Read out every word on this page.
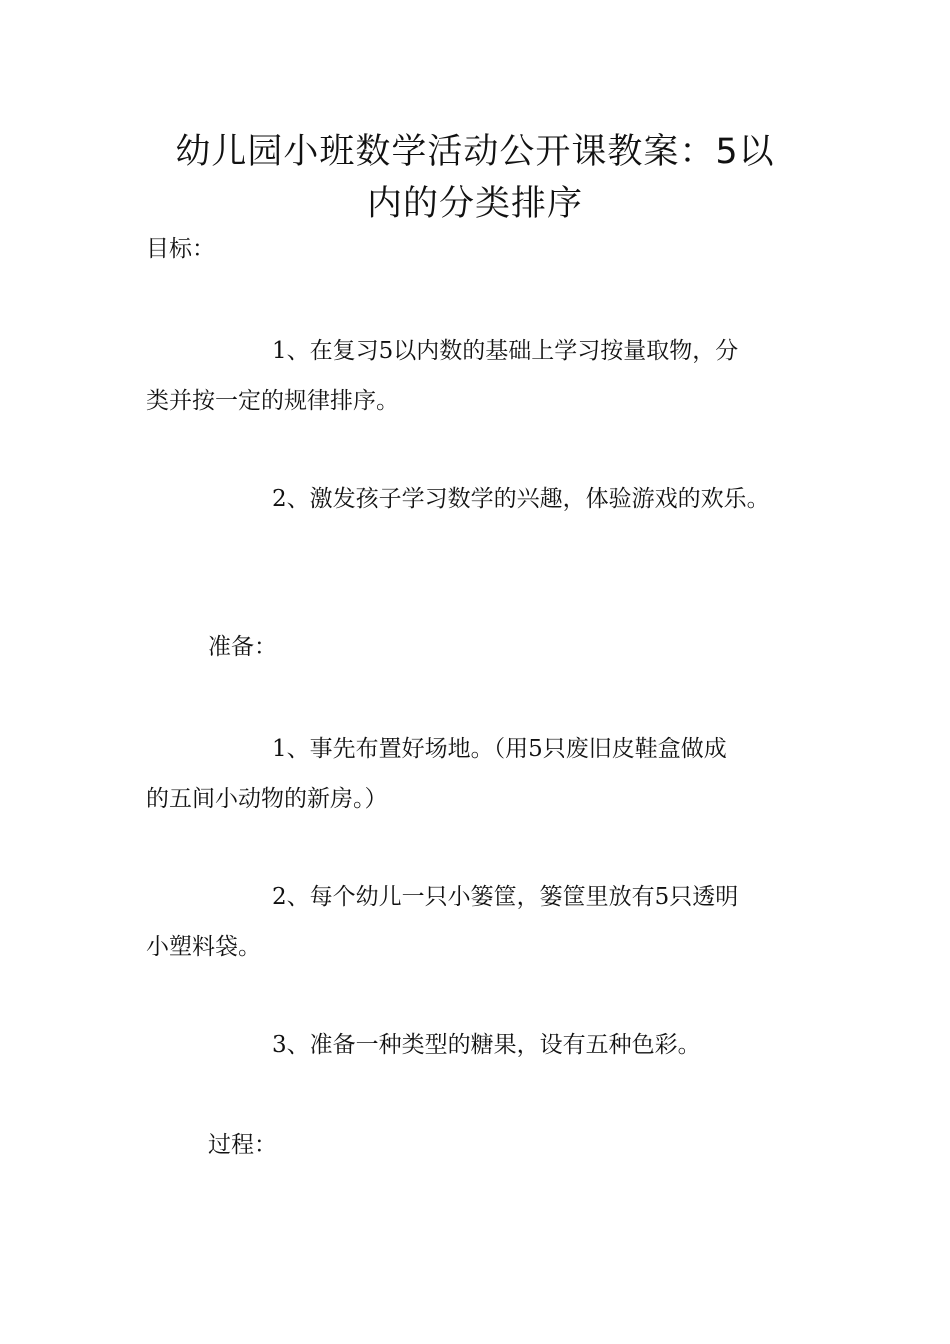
幼儿园小班数学活动公开课教案：5以
内的分类排序
目标：
1、在复习5以内数的基础上学习按量取物，分
类并按一定的规律排序。
2、激发孩子学习数学的兴趣，体验游戏的欢乐。
准备：
1、事先布置好场地。（用5只废旧皮鞋盒做成
的五间小动物的新房。）
2、每个幼儿一只小篓筐，篓筐里放有5只透明
小塑料袋。
3、准备一种类型的糖果，设有五种色彩。
过程：
